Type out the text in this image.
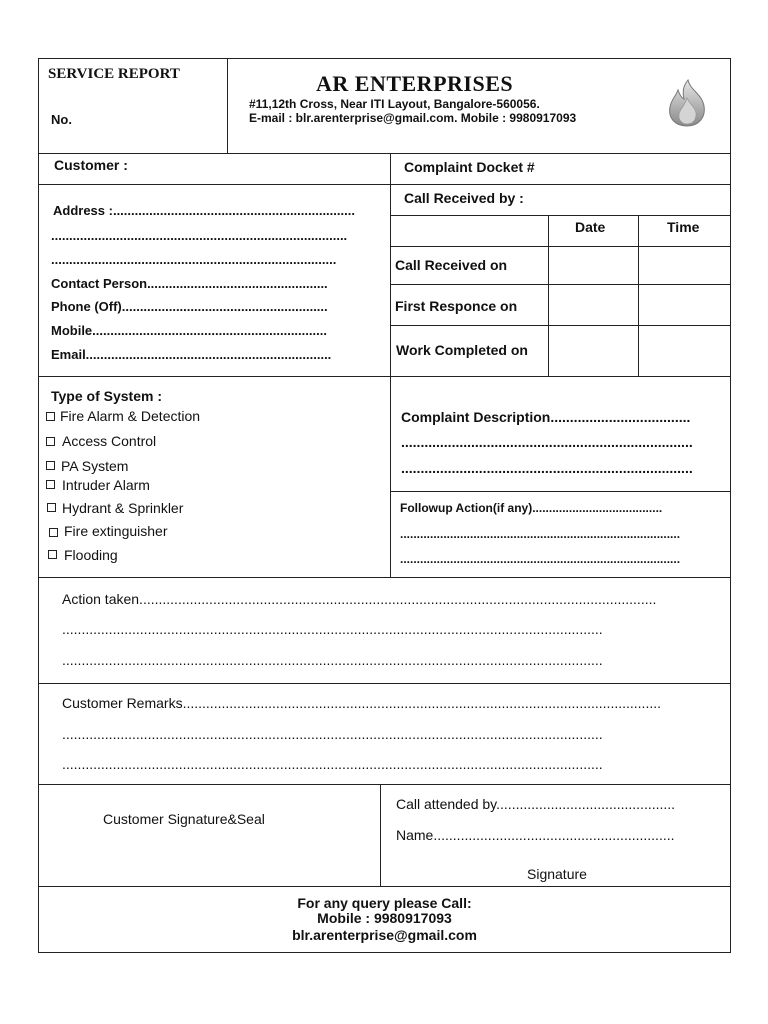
SERVICE REPORT
No.
AR ENTERPRISES
#11,12th Cross, Near ITI Layout, Bangalore-560056.
E-mail : blr.arenterprise@gmail.com. Mobile : 9980917093
Customer :	Complaint Docket #
Call Received by :
Address :...................................................................
..................................................................................
...............................................................................
Contact Person..................................................
Phone (Off).........................................................
Mobile.................................................................
Email....................................................................
Date	Time
Call Received on
First Responce on
Work Completed on
Type of System :
Fire Alarm & Detection
Access Control
PA System
Intruder Alarm
Hydrant & Sprinkler
Fire extinguisher
Flooding
Complaint Description....................................
...........................................................................
...........................................................................
Followup Action(if any).......................................
....................................................................................
....................................................................................
Action taken.....................................................................................................................................
...........................................................................................................................................
...........................................................................................................................................
Customer Remarks...........................................................................................................................
...........................................................................................................................................
...........................................................................................................................................
Customer Signature&Seal
Call attended by..............................................
Name..............................................................
Signature
For any query please Call:
Mobile : 9980917093
blr.arenterprise@gmail.com
